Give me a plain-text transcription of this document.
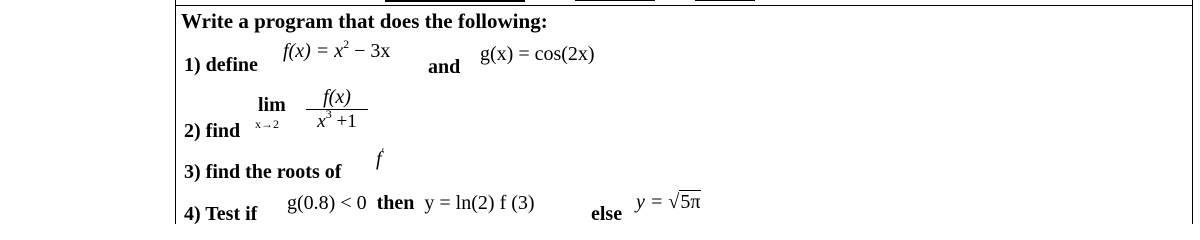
Write a program that does the following:
1) define
$f(x) = x^2 - 3x$
and
g(x) = cos(2x)
lim
x→2
f(x)
$x^3 +1$
2) find
3) find the roots of
f′
4) Test if g(0.8) < 0 then y = ln(2) f (3)	else
y = √5π
